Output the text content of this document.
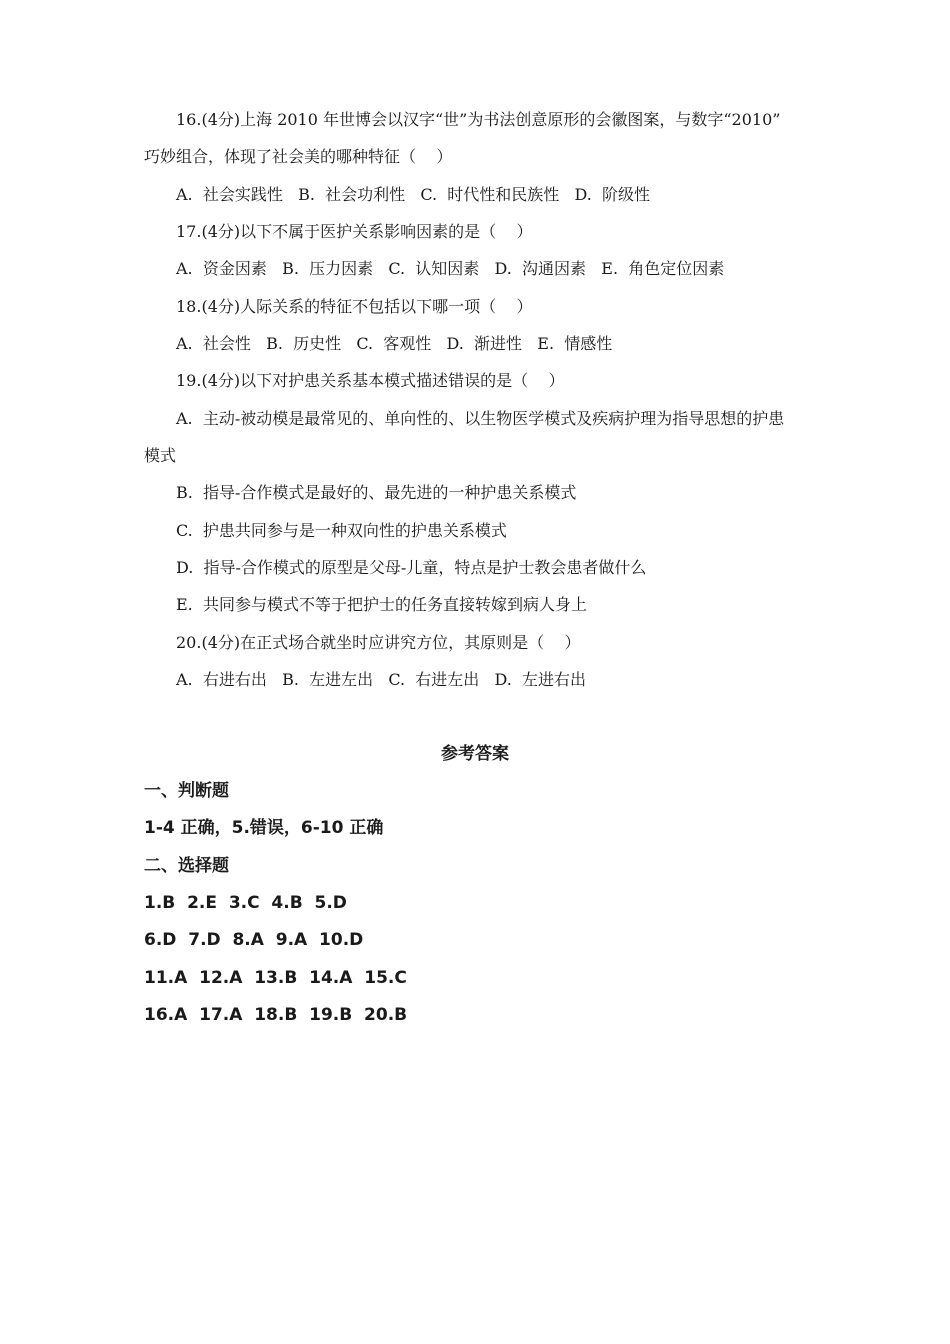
16.(4分)上海 2010 年世博会以汉字“世”为书法创意原形的会徽图案，与数字“2010”
巧妙组合，体现了社会美的哪种特征（    ）
A.  社会实践性   B.  社会功利性   C.  时代性和民族性   D.  阶级性
17.(4分)以下不属于医护关系影响因素的是（    ）
A.  资金因素   B.  压力因素   C.  认知因素   D.  沟通因素   E.  角色定位因素
18.(4分)人际关系的特征不包括以下哪一项（    ）
A.  社会性   B.  历史性   C.  客观性   D.  渐进性   E.  情感性
19.(4分)以下对护患关系基本模式描述错误的是（    ）
A.  主动-被动模是最常见的、单向性的、以生物医学模式及疾病护理为指导思想的护患
模式
B.  指导-合作模式是最好的、最先进的一种护患关系模式
C.  护患共同参与是一种双向性的护患关系模式
D.  指导-合作模式的原型是父母-儿童，特点是护士教会患者做什么
E.  共同参与模式不等于把护士的任务直接转嫁到病人身上
20.(4分)在正式场合就坐时应讲究方位，其原则是（    ）
A.  右进右出   B.  左进左出   C.  右进左出   D.  左进右出
参考答案
一、判断题
1-4 正确，5.错误，6-10 正确
二、选择题
1.B  2.E  3.C  4.B  5.D
6.D  7.D  8.A  9.A  10.D
11.A  12.A  13.B  14.A  15.C
16.A  17.A  18.B  19.B  20.B
